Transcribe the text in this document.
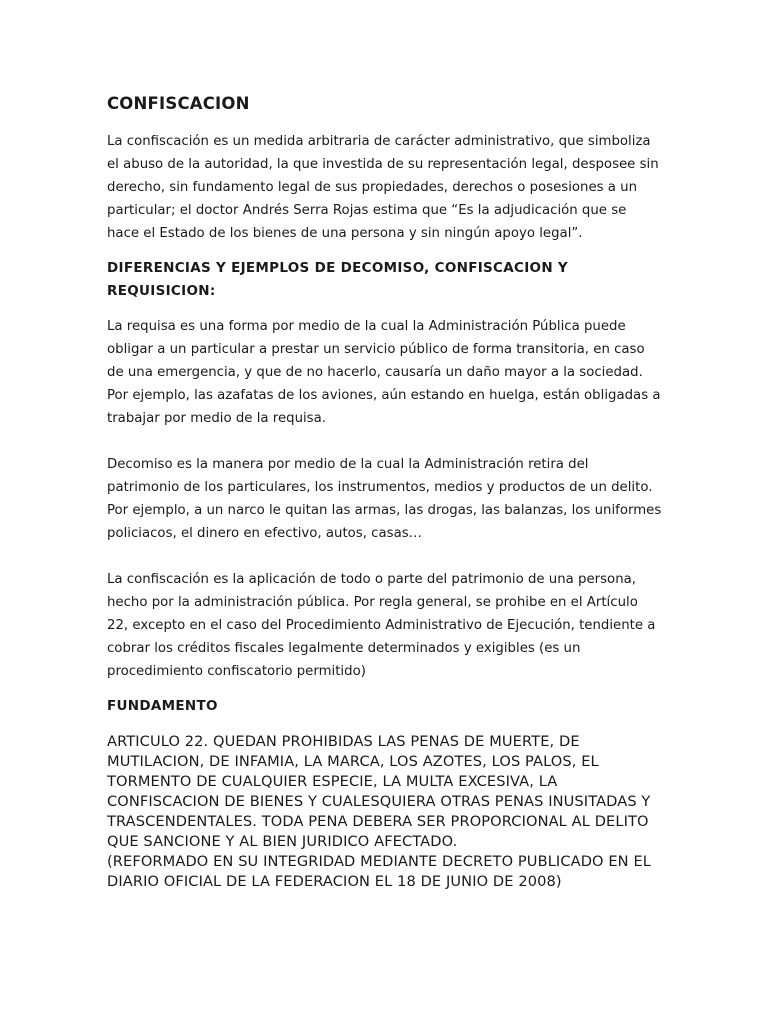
CONFISCACION

La confiscación es un medida arbitraria de carácter administrativo, que simboliza el abuso de la autoridad, la que investida de su representación legal, desposee sin derecho, sin fundamento legal de sus propiedades, derechos o posesiones a un particular; el doctor Andrés Serra Rojas estima que “Es la adjudicación que se hace el Estado de los bienes de una persona y sin ningún apoyo legal”.

DIFERENCIAS Y EJEMPLOS DE DECOMISO, CONFISCACION Y REQUISICION:

La requisa es una forma por medio de la cual la Administración Pública puede obligar a un particular a prestar un servicio público de forma transitoria, en caso de una emergencia, y que de no hacerlo, causaría un daño mayor a la sociedad. Por ejemplo, las azafatas de los aviones, aún estando en huelga, están obligadas a trabajar por medio de la requisa.

Decomiso es la manera por medio de la cual la Administración retira del patrimonio de los particulares, los instrumentos, medios y productos de un delito. Por ejemplo, a un narco le quitan las armas, las drogas, las balanzas, los uniformes policiacos, el dinero en efectivo, autos, casas…

La confiscación es la aplicación de todo o parte del patrimonio de una persona, hecho por la administración pública. Por regla general, se prohibe en el Artículo 22, excepto en el caso del Procedimiento Administrativo de Ejecución, tendiente a cobrar los créditos fiscales legalmente determinados y exigibles (es un procedimiento confiscatorio permitido)

FUNDAMENTO

ARTICULO 22. QUEDAN PROHIBIDAS LAS PENAS DE MUERTE, DE MUTILACION, DE INFAMIA, LA MARCA, LOS AZOTES, LOS PALOS, EL TORMENTO DE CUALQUIER ESPECIE, LA MULTA EXCESIVA, LA CONFISCACION DE BIENES Y CUALESQUIERA OTRAS PENAS INUSITADAS Y TRASCENDENTALES. TODA PENA DEBERA SER PROPORCIONAL AL DELITO QUE SANCIONE Y AL BIEN JURIDICO AFECTADO.

(REFORMADO EN SU INTEGRIDAD MEDIANTE DECRETO PUBLICADO EN EL DIARIO OFICIAL DE LA FEDERACION EL 18 DE JUNIO DE 2008)
